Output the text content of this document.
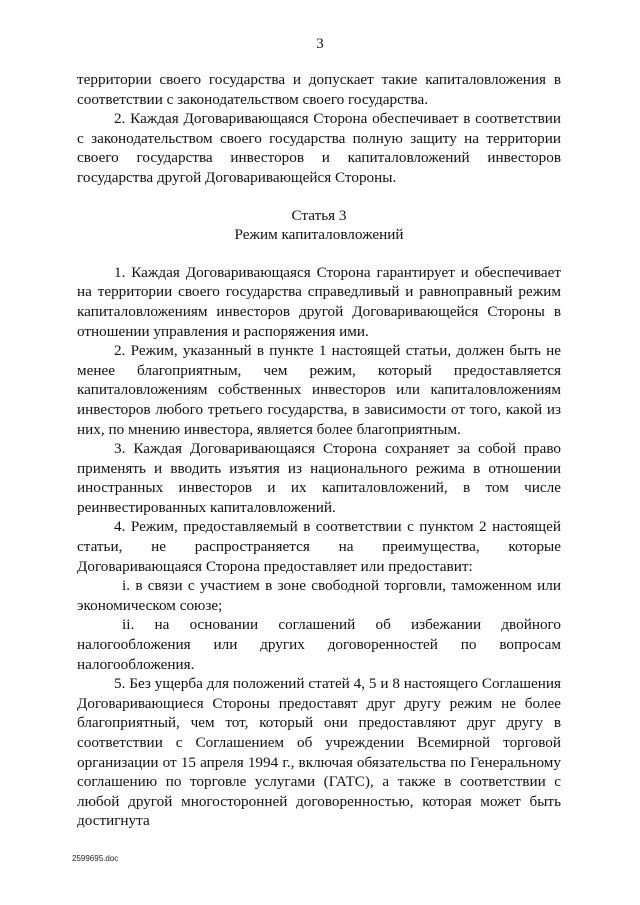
3

территории своего государства и допускает такие капиталовложения в соответствии с законодательством своего государства.

2. Каждая Договаривающаяся Сторона обеспечивает в соответствии с законодательством своего государства полную защиту на территории своего государства инвесторов и капиталовложений инвесторов государства другой Договаривающейся Стороны.

Статья 3

Режим капиталовложений

1. Каждая Договаривающаяся Сторона гарантирует и обеспечивает на территории своего государства справедливый и равноправный режим капиталовложениям инвесторов другой Договаривающейся Стороны в отношении управления и распоряжения ими.

2. Режим, указанный в пункте 1 настоящей статьи, должен быть не менее благоприятным, чем режим, который предоставляется капиталовложениям собственных инвесторов или капиталовложениям инвесторов любого третьего государства, в зависимости от того, какой из них, по мнению инвестора, является более благоприятным.

3. Каждая Договаривающаяся Сторона сохраняет за собой право применять и вводить изъятия из национального режима в отношении иностранных инвесторов и их капиталовложений, в том числе реинвестированных капиталовложений.

4. Режим, предоставляемый в соответствии с пунктом 2 настоящей статьи, не распространяется на преимущества, которые Договаривающаяся Сторона предоставляет или предоставит:

i. в связи с участием в зоне свободной торговли, таможенном или экономическом союзе;

ii. на основании соглашений об избежании двойного налогообложения или других договоренностей по вопросам налогообложения.

5. Без ущерба для положений статей 4, 5 и 8 настоящего Соглашения Договаривающиеся Стороны предоставят друг другу режим не более благоприятный, чем тот, который они предоставляют друг другу в соответствии с Соглашением об учреждении Всемирной торговой организации от 15 апреля 1994 г., включая обязательства по Генеральному соглашению по торговле услугами (ГАТС), а также в соответствии с любой другой многосторонней договоренностью, которая может быть достигнута

2599695.doc
